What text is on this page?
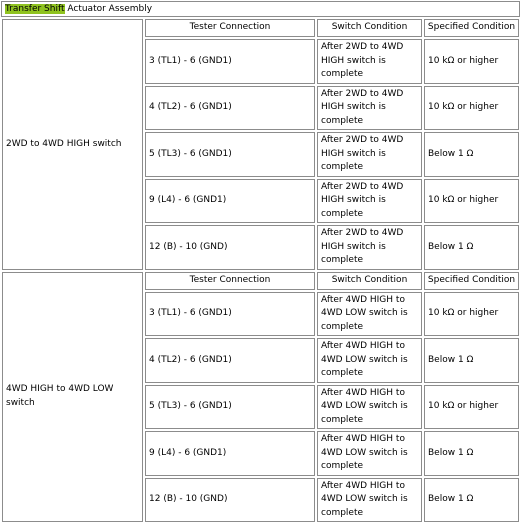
Transfer Shift Actuator Assembly
2WD to 4WD HIGH switch	Tester Connection	Switch Condition	Specified Condition
	3 (TL1) - 6 (GND1)	After 2WD to 4WD HIGH switch is complete	10 kΩ or higher
	4 (TL2) - 6 (GND1)	After 2WD to 4WD HIGH switch is complete	10 kΩ or higher
	5 (TL3) - 6 (GND1)	After 2WD to 4WD HIGH switch is complete	Below 1 Ω
	9 (L4) - 6 (GND1)	After 2WD to 4WD HIGH switch is complete	10 kΩ or higher
	12 (B) - 10 (GND)	After 2WD to 4WD HIGH switch is complete	Below 1 Ω
4WD HIGH to 4WD LOW switch	Tester Connection	Switch Condition	Specified Condition
	3 (TL1) - 6 (GND1)	After 4WD HIGH to 4WD LOW switch is complete	10 kΩ or higher
	4 (TL2) - 6 (GND1)	After 4WD HIGH to 4WD LOW switch is complete	Below 1 Ω
	5 (TL3) - 6 (GND1)	After 4WD HIGH to 4WD LOW switch is complete	10 kΩ or higher
	9 (L4) - 6 (GND1)	After 4WD HIGH to 4WD LOW switch is complete	Below 1 Ω
	12 (B) - 10 (GND)	After 4WD HIGH to 4WD LOW switch is complete	Below 1 Ω
